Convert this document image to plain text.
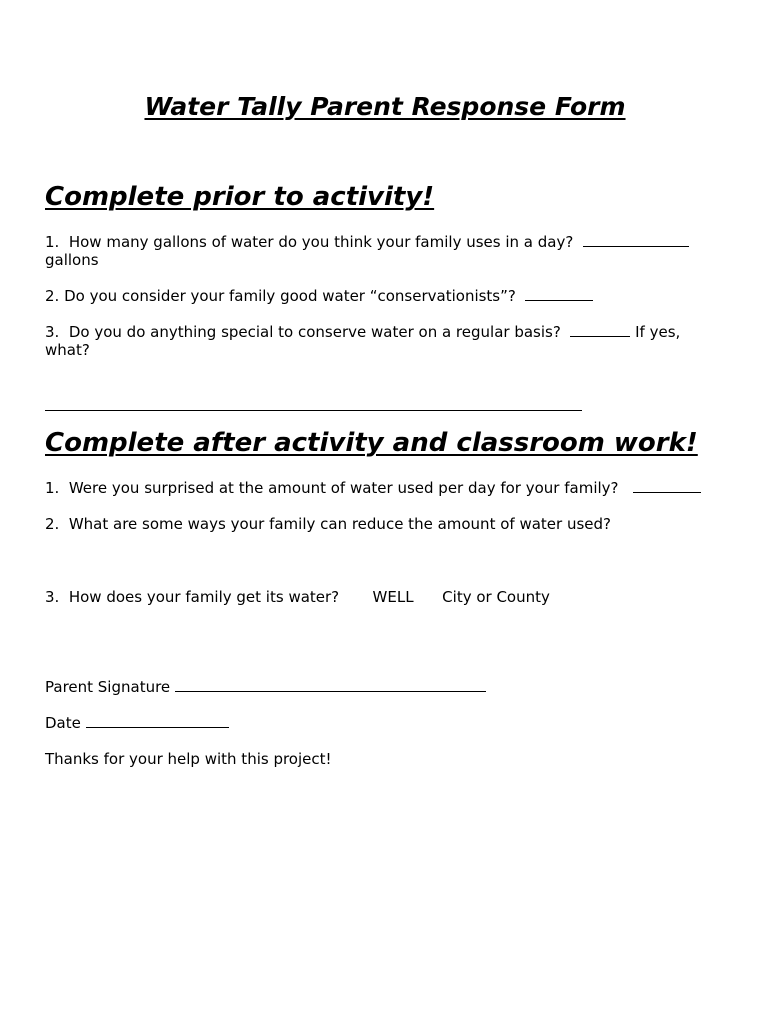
Water Tally Parent Response Form
Complete prior to activity!

1.  How many gallons of water do you think your family uses in a day?
gallons

2. Do you consider your family good water “conservationists”?

3.  Do you do anything special to conserve water on a regular basis?	If yes,
what?

Complete after activity and classroom work!

1.  Were you surprised at the amount of water used per day for your family?

2.  What are some ways your family can reduce the amount of water used?

3.  How does your family get its water? WELL City or County

Parent Signature

Date

Thanks for your help with this project!
